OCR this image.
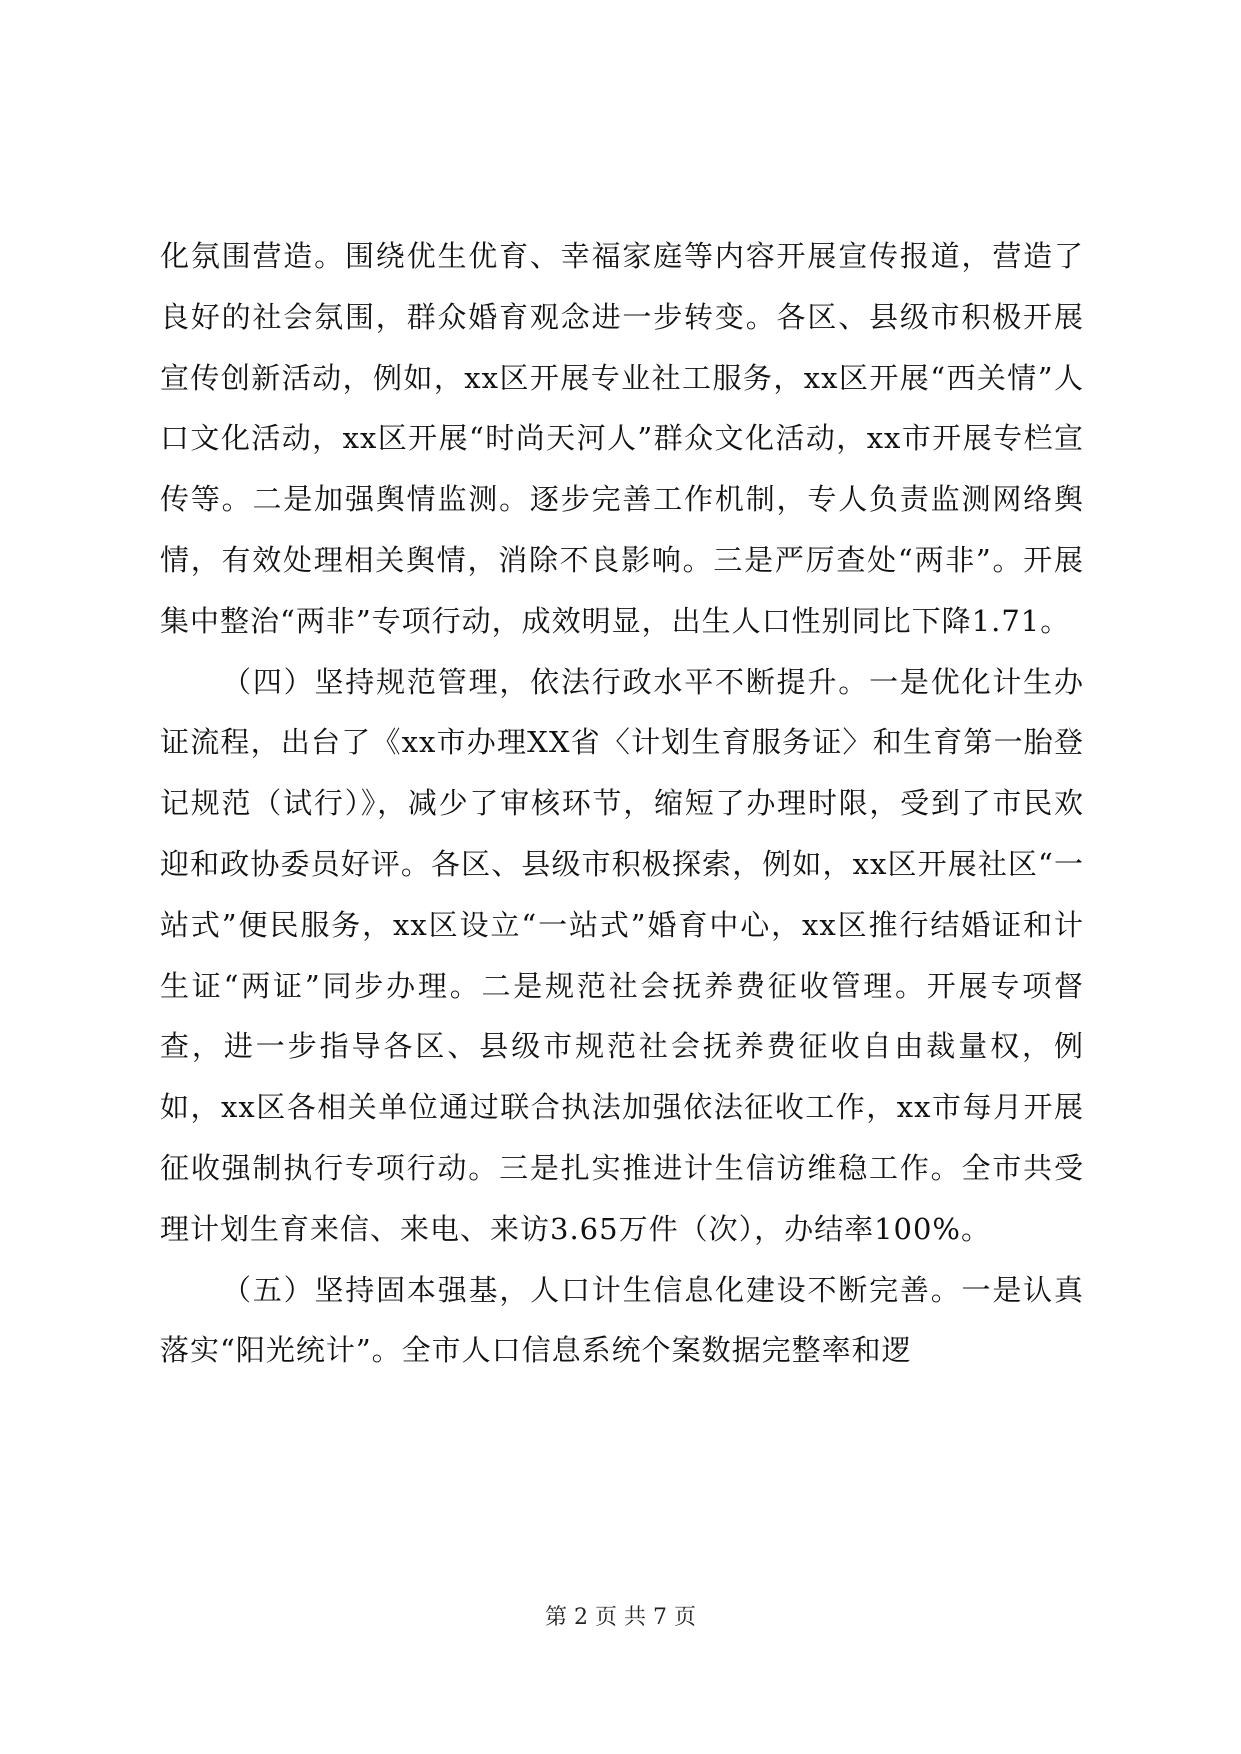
化氛围营造。围绕优生优育、幸福家庭等内容开展宣传报道，营造了良好的社会氛围，群众婚育观念进一步转变。各区、县级市积极开展宣传创新活动，例如，xx区开展专业社工服务，xx区开展“西关情”人口文化活动，xx区开展“时尚天河人”群众文化活动，xx市开展专栏宣传等。二是加强舆情监测。逐步完善工作机制，专人负责监测网络舆情，有效处理相关舆情，消除不良影响。三是严厉查处“两非”。开展集中整治“两非”专项行动，成效明显，出生人口性别同比下降1.71。

（四）坚持规范管理，依法行政水平不断提升。一是优化计生办证流程，出台了《xx市办理XX省〈计划生育服务证〉和生育第一胎登记规范（试行）》，减少了审核环节，缩短了办理时限，受到了市民欢迎和政协委员好评。各区、县级市积极探索，例如，xx区开展社区“一站式”便民服务，xx区设立“一站式”婚育中心，xx区推行结婚证和计生证“两证”同步办理。二是规范社会抚养费征收管理。开展专项督查，进一步指导各区、县级市规范社会抚养费征收自由裁量权，例如，xx区各相关单位通过联合执法加强依法征收工作，xx市每月开展征收强制执行专项行动。三是扎实推进计生信访维稳工作。全市共受理计划生育来信、来电、来访3.65万件（次），办结率100%。

（五）坚持固本强基，人口计生信息化建设不断完善。一是认真落实“阳光统计”。全市人口信息系统个案数据完整率和逻

第 2 页 共 7 页
